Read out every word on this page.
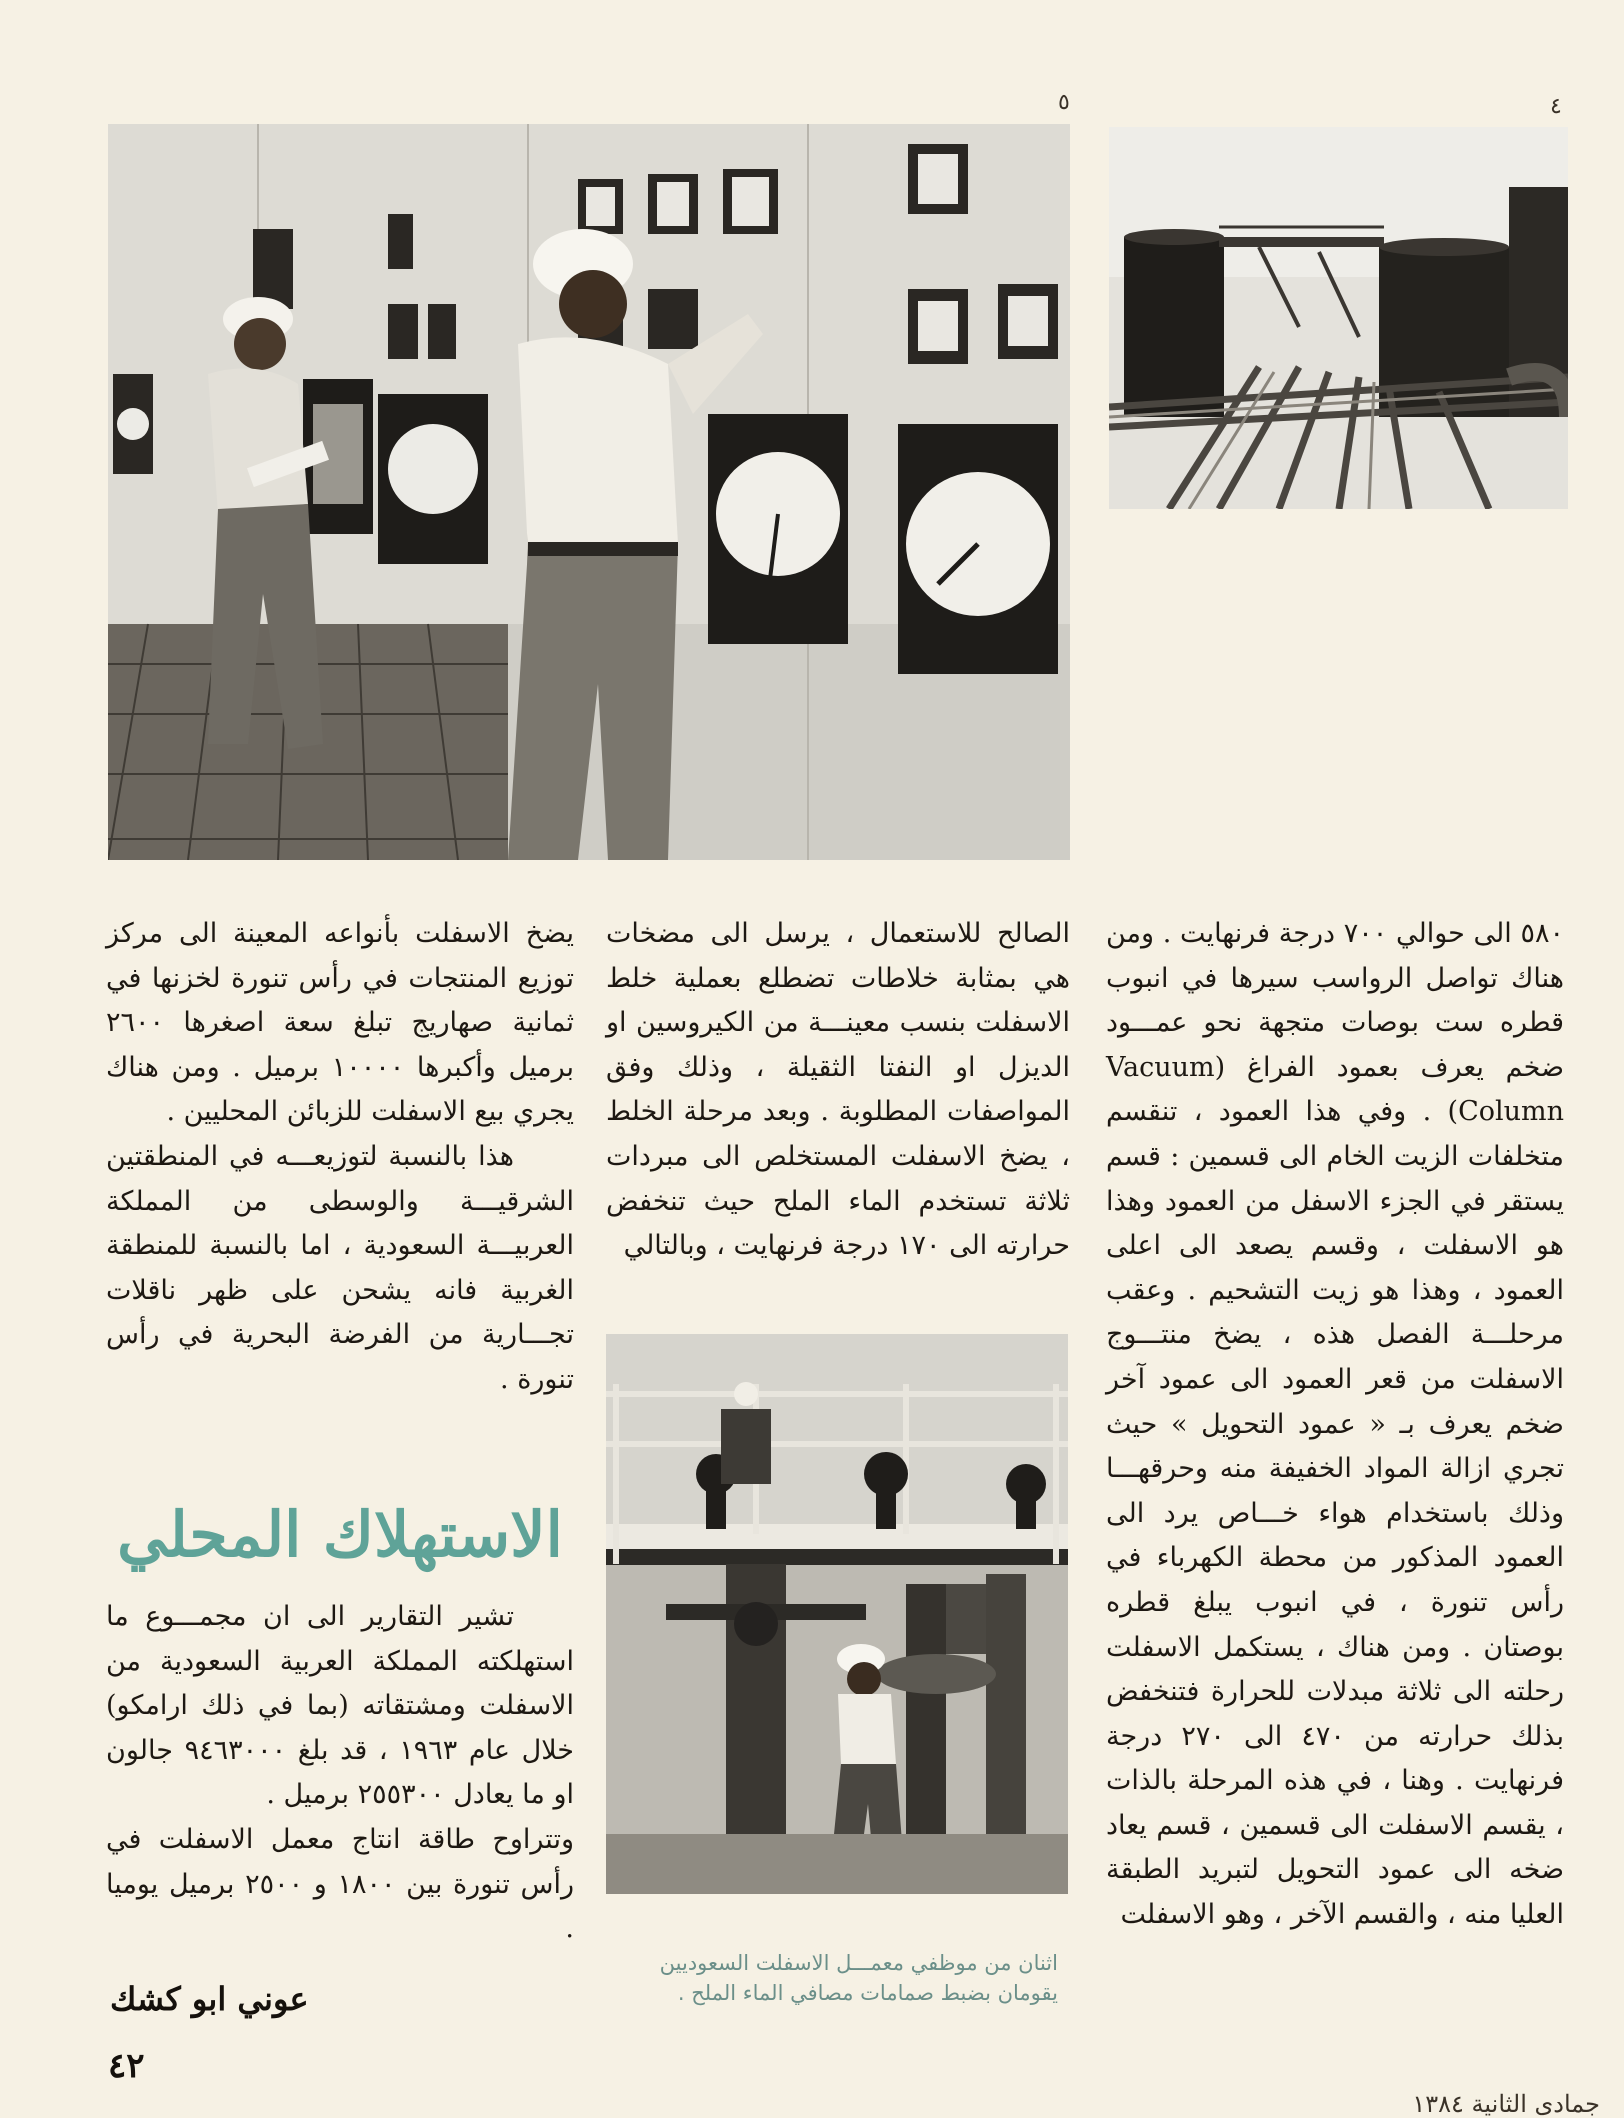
٥	٤

٥٨٠ الى حوالي ٧٠٠ درجة فرنهايت . ومن هناك تواصل الرواسب سيرها في انبوب قطره ست بوصات متجهة نحو عمـــود ضخم يعرف بعمود الفراغ (Vacuum Column) . وفي هذا العمود ، تنقسم متخلفات الزيت الخام الى قسمين : قسم يستقر في الجزء الاسفل من العمود وهذا هو الاسفلت ، وقسم يصعد الى اعلى العمود ، وهذا هو زيت التشحيم . وعقب مرحلـــة الفصل هذه ، يضخ منتـــوج الاسفلت من قعر العمود الى عمود آخر ضخم يعرف بـ « عمود التحويل » حيث تجري ازالة المواد الخفيفة منه وحرقهـــا وذلك باستخدام هواء خـــاص يرد الى العمود المذكور من محطة الكهرباء في رأس تنورة ، في انبوب يبلغ قطره بوصتان . ومن هناك ، يستكمل الاسفلت رحلته الى ثلاثة مبدلات للحرارة فتنخفض بذلك حرارته من ٤٧٠ الى ٢٧٠ درجة فرنهايت . وهنا ، في هذه المرحلة بالذات ، يقسم الاسفلت الى قسمين ، قسم يعاد ضخه الى عمود التحويل لتبريد الطبقة العليا منه ، والقسم الآخر ، وهو الاسفلت

الصالح للاستعمال ، يرسل الى مضخات هي بمثابة خلاطات تضطلع بعملية خلط الاسفلت بنسب معينـــة من الكيروسين او الديزل او النفتا الثقيلة ، وذلك وفق المواصفات المطلوبة . وبعد مرحلة الخلط ، يضخ الاسفلت المستخلص الى مبردات ثلاثة تستخدم الماء الملح حيث تنخفض حرارته الى ١٧٠ درجة فرنهايت ، وبالتالي

اثنان من موظفي معمـــل الاسفلت السعوديين
يقومان بضبط صمامات مصافي الماء الملح .

يضخ الاسفلت بأنواعه المعينة الى مركز توزيع المنتجات في رأس تنورة لخزنها في ثمانية صهاريج تبلغ سعة اصغرها ٢٦٠٠ برميل وأكبرها ١٠٠٠٠ برميل . ومن هناك يجري بيع الاسفلت للزبائن المحليين .

هذا بالنسبة لتوزيعـــه في المنطقتين الشرقيـــة والوسطى من المملكة العربيـــة السعودية ، اما بالنسبة للمنطقة الغربية فانه يشحن على ظهر ناقلات تجـــارية من الفرضة البحرية في رأس تنورة .

الاستهلاك المحلي

تشير التقارير الى ان مجمـــوع ما استهلكته المملكة العربية السعودية من الاسفلت ومشتقاته (بما في ذلك ارامكو) خلال عام ١٩٦٣ ، قد بلغ ٩٤٦٣٠٠٠ جالون او ما يعادل ٢٥٥٣٠٠ برميل .

وتتراوح طاقة انتاج معمل الاسفلت في رأس تنورة بين ١٨٠٠ و ٢٥٠٠ برميل يوميا .

عوني ابو كشك
٤٢
جمادى الثانية ١٣٨٤
